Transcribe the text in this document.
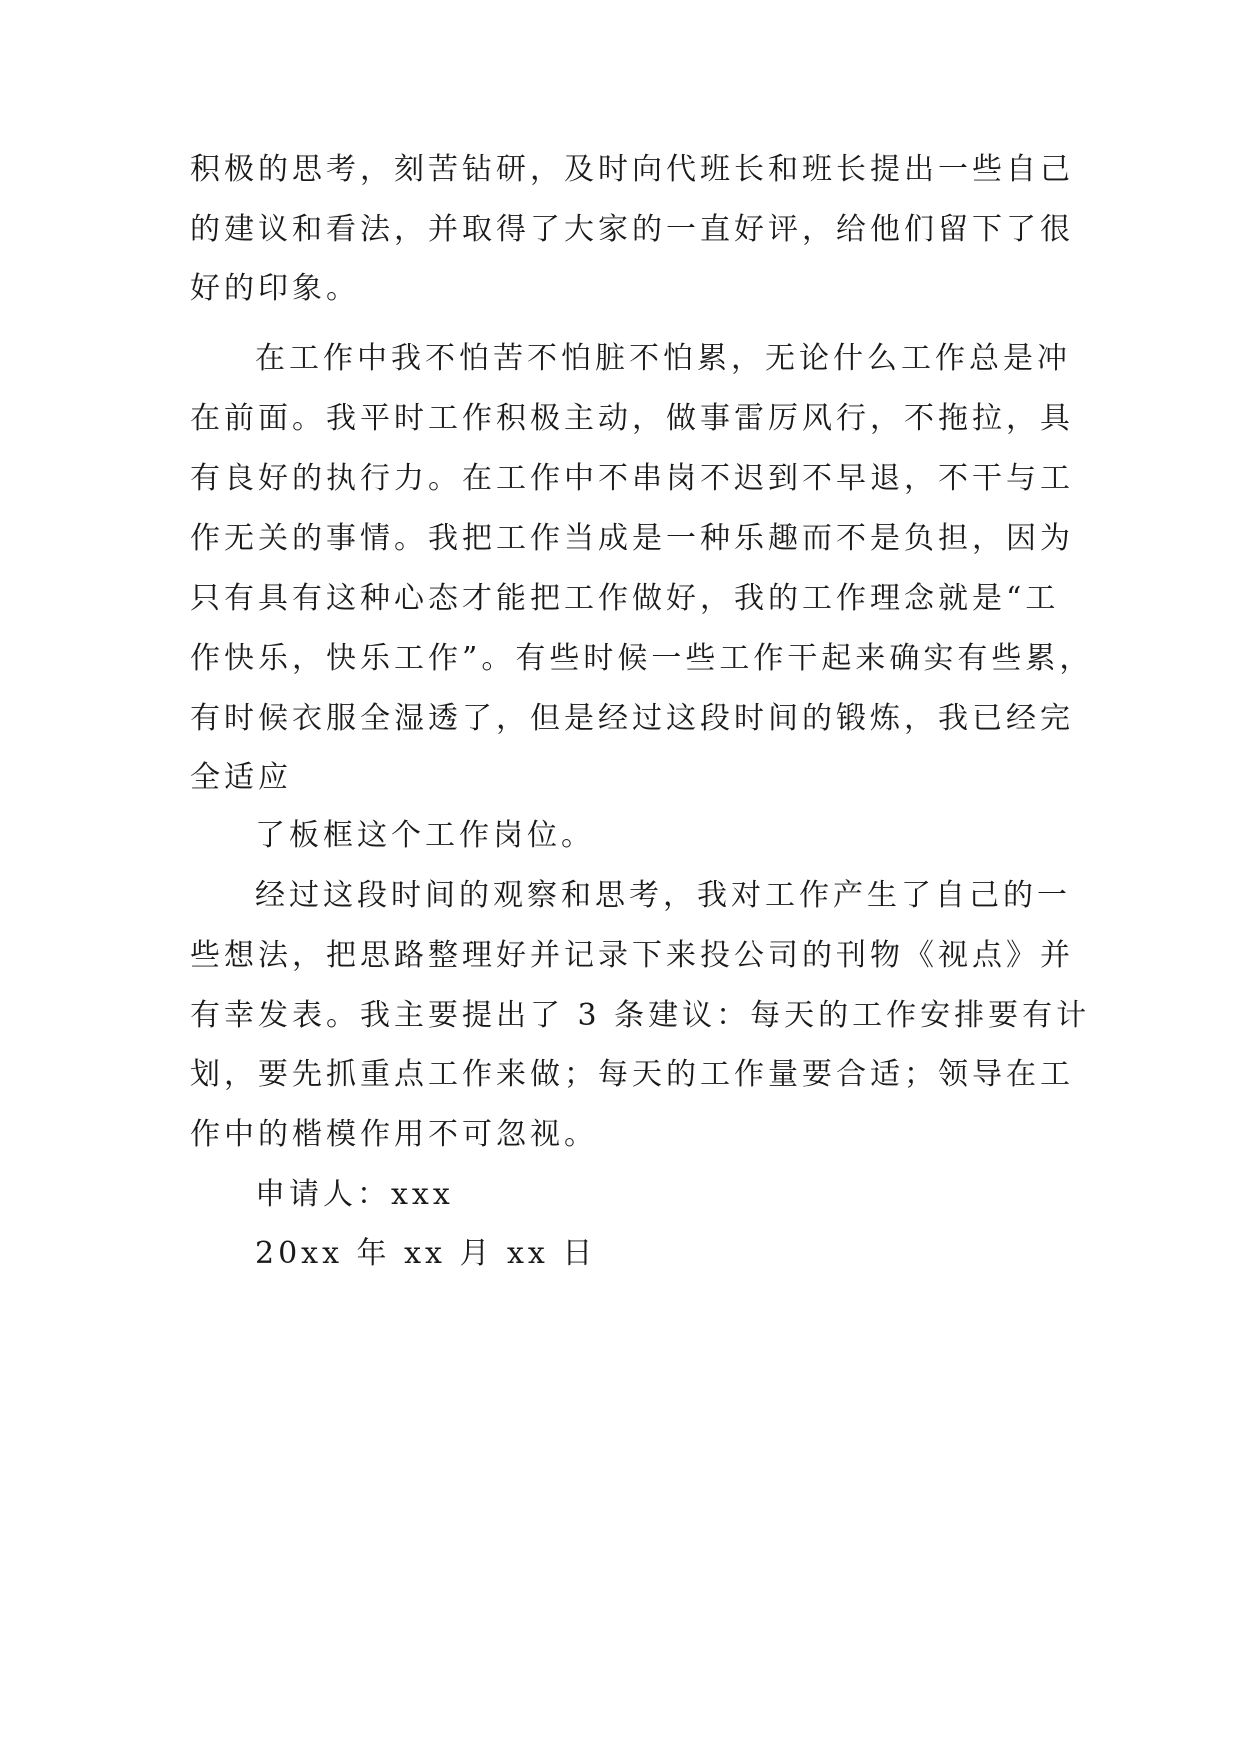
积极的思考，刻苦钻研，及时向代班长和班长提出一些自己
的建议和看法，并取得了大家的一直好评，给他们留下了很
好的印象。
在工作中我不怕苦不怕脏不怕累，无论什么工作总是冲
在前面。我平时工作积极主动，做事雷厉风行，不拖拉，具
有良好的执行力。在工作中不串岗不迟到不早退，不干与工
作无关的事情。我把工作当成是一种乐趣而不是负担，因为
只有具有这种心态才能把工作做好，我的工作理念就是“工
作快乐，快乐工作”。有些时候一些工作干起来确实有些累，
有时候衣服全湿透了，但是经过这段时间的锻炼，我已经完
全适应
了板框这个工作岗位。
经过这段时间的观察和思考，我对工作产生了自己的一
些想法，把思路整理好并记录下来投公司的刊物《视点》并
有幸发表。我主要提出了 3 条建议：每天的工作安排要有计
划，要先抓重点工作来做；每天的工作量要合适；领导在工
作中的楷模作用不可忽视。
申请人：xxx
20xx 年 xx 月 xx 日
